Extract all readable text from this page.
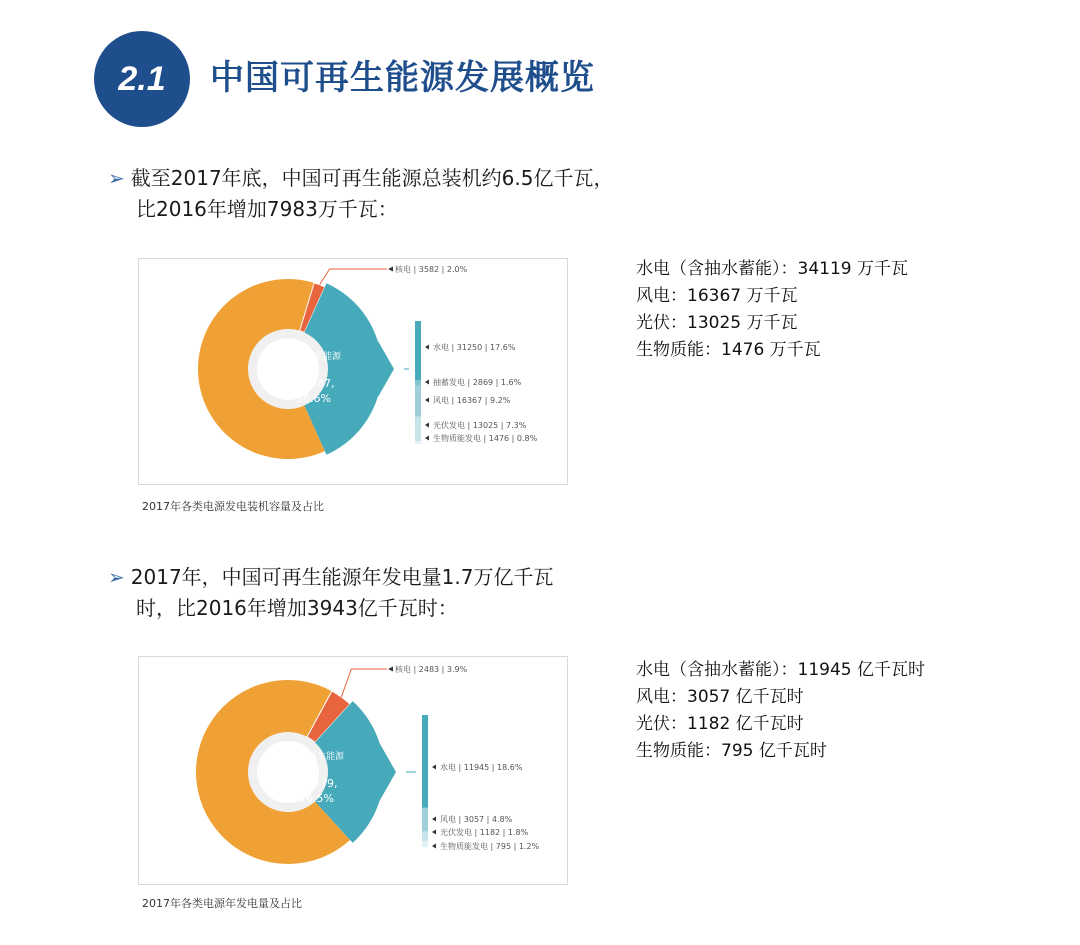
2.1 中国可再生能源发展概览

➢ 截至2017年底，中国可再生能源总装机约6.5亿千瓦，
比2016年增加7983万千瓦：

火电（不含生物质）
109128, 61.4%
可再生能源发电
64987, 36.6%
核电 | 3582 | 2.0%
水电 | 31250 | 17.6%
抽蓄发电 | 2869 | 1.6%
风电 | 16367 | 9.2%
光伏发电 | 13025 | 7.3%
生物质能发电 | 1476 | 0.8%

2017年各类电源发电装机容量及占比

水电（含抽水蓄能）：34119 万千瓦
风电：16367 万千瓦
光伏：13025 万千瓦
生物质能：1476 万千瓦

➢ 2017年，中国可再生能源年发电量1.7万亿千瓦
时，比2016年增加3943亿千瓦时：

火电（不含生物质）
44718, 69.6%
可再生能源发电
16979, 26.5%
核电 | 2483 | 3.9%
水电 | 11945 | 18.6%
风电 | 3057 | 4.8%
光伏发电 | 1182 | 1.8%
生物质能发电 | 795 | 1.2%

2017年各类电源年发电量及占比

水电（含抽水蓄能）：11945 亿千瓦时
风电：3057 亿千瓦时
光伏：1182 亿千瓦时
生物质能：795 亿千瓦时
